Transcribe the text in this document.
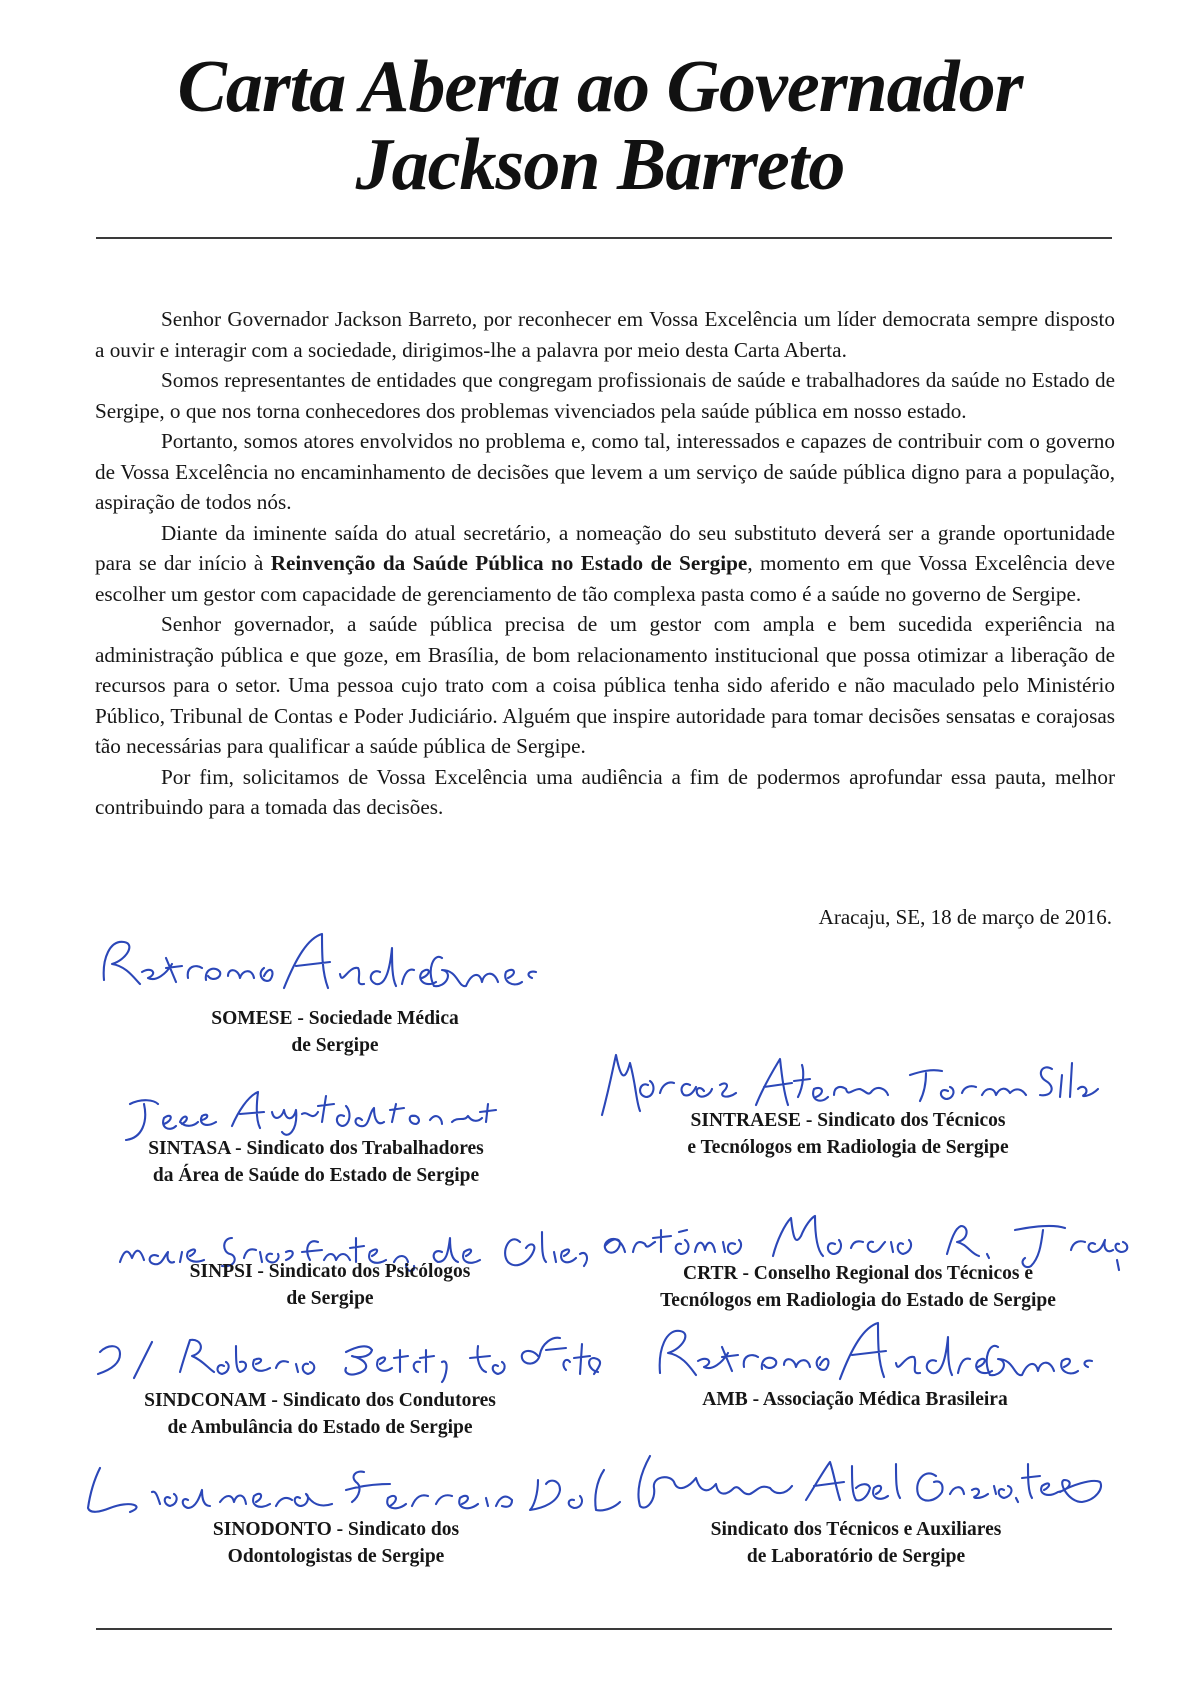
Carta Aberta ao Governador
Jackson Barreto

Senhor Governador Jackson Barreto, por reconhecer em Vossa Excelência um líder democrata sempre disposto a ouvir e interagir com a sociedade, dirigimos-lhe a palavra por meio desta Carta Aberta.

Somos representantes de entidades que congregam profissionais de saúde e trabalhadores da saúde no Estado de Sergipe, o que nos torna conhecedores dos problemas vivenciados pela saúde pública em nosso estado.

Portanto, somos atores envolvidos no problema e, como tal, interessados e capazes de contribuir com o governo de Vossa Excelência no encaminhamento de decisões que levem a um serviço de saúde pública digno para a população, aspiração de todos nós.

Diante da iminente saída do atual secretário, a nomeação do seu substituto deverá ser a grande oportunidade para se dar início à Reinvenção da Saúde Pública no Estado de Sergipe, momento em que Vossa Excelência deve escolher um gestor com capacidade de gerenciamento de tão complexa pasta como é a saúde no governo de Sergipe.

Senhor governador, a saúde pública precisa de um gestor com ampla e bem sucedida experiência na administração pública e que goze, em Brasília, de bom relacionamento institucional que possa otimizar a liberação de recursos para o setor. Uma pessoa cujo trato com a coisa pública tenha sido aferido e não maculado pelo Ministério Público, Tribunal de Contas e Poder Judiciário. Alguém que inspire autoridade para tomar decisões sensatas e corajosas tão necessárias para qualificar a saúde pública de Sergipe.

Por fim, solicitamos de Vossa Excelência uma audiência a fim de podermos aprofundar essa pauta, melhor contribuindo para a tomada das decisões.

Aracaju, SE, 18 de março de 2016.
SOMESE - Sociedade Médica
de Sergipe
SINTASA - Sindicato dos Trabalhadores
da Área de Saúde do Estado de Sergipe
SINTRAESE - Sindicato dos Técnicos
e Tecnólogos em Radiologia de Sergipe
SINPSI - Sindicato dos Psicólogos
de Sergipe
CRTR - Conselho Regional dos Técnicos e
Tecnólogos em Radiologia do Estado de Sergipe
SINDCONAM - Sindicato dos Condutores
de Ambulância do Estado de Sergipe
AMB - Associação Médica Brasileira
SINODONTO - Sindicato dos
Odontologistas de Sergipe
Sindicato dos Técnicos e Auxiliares
de Laboratório de Sergipe
